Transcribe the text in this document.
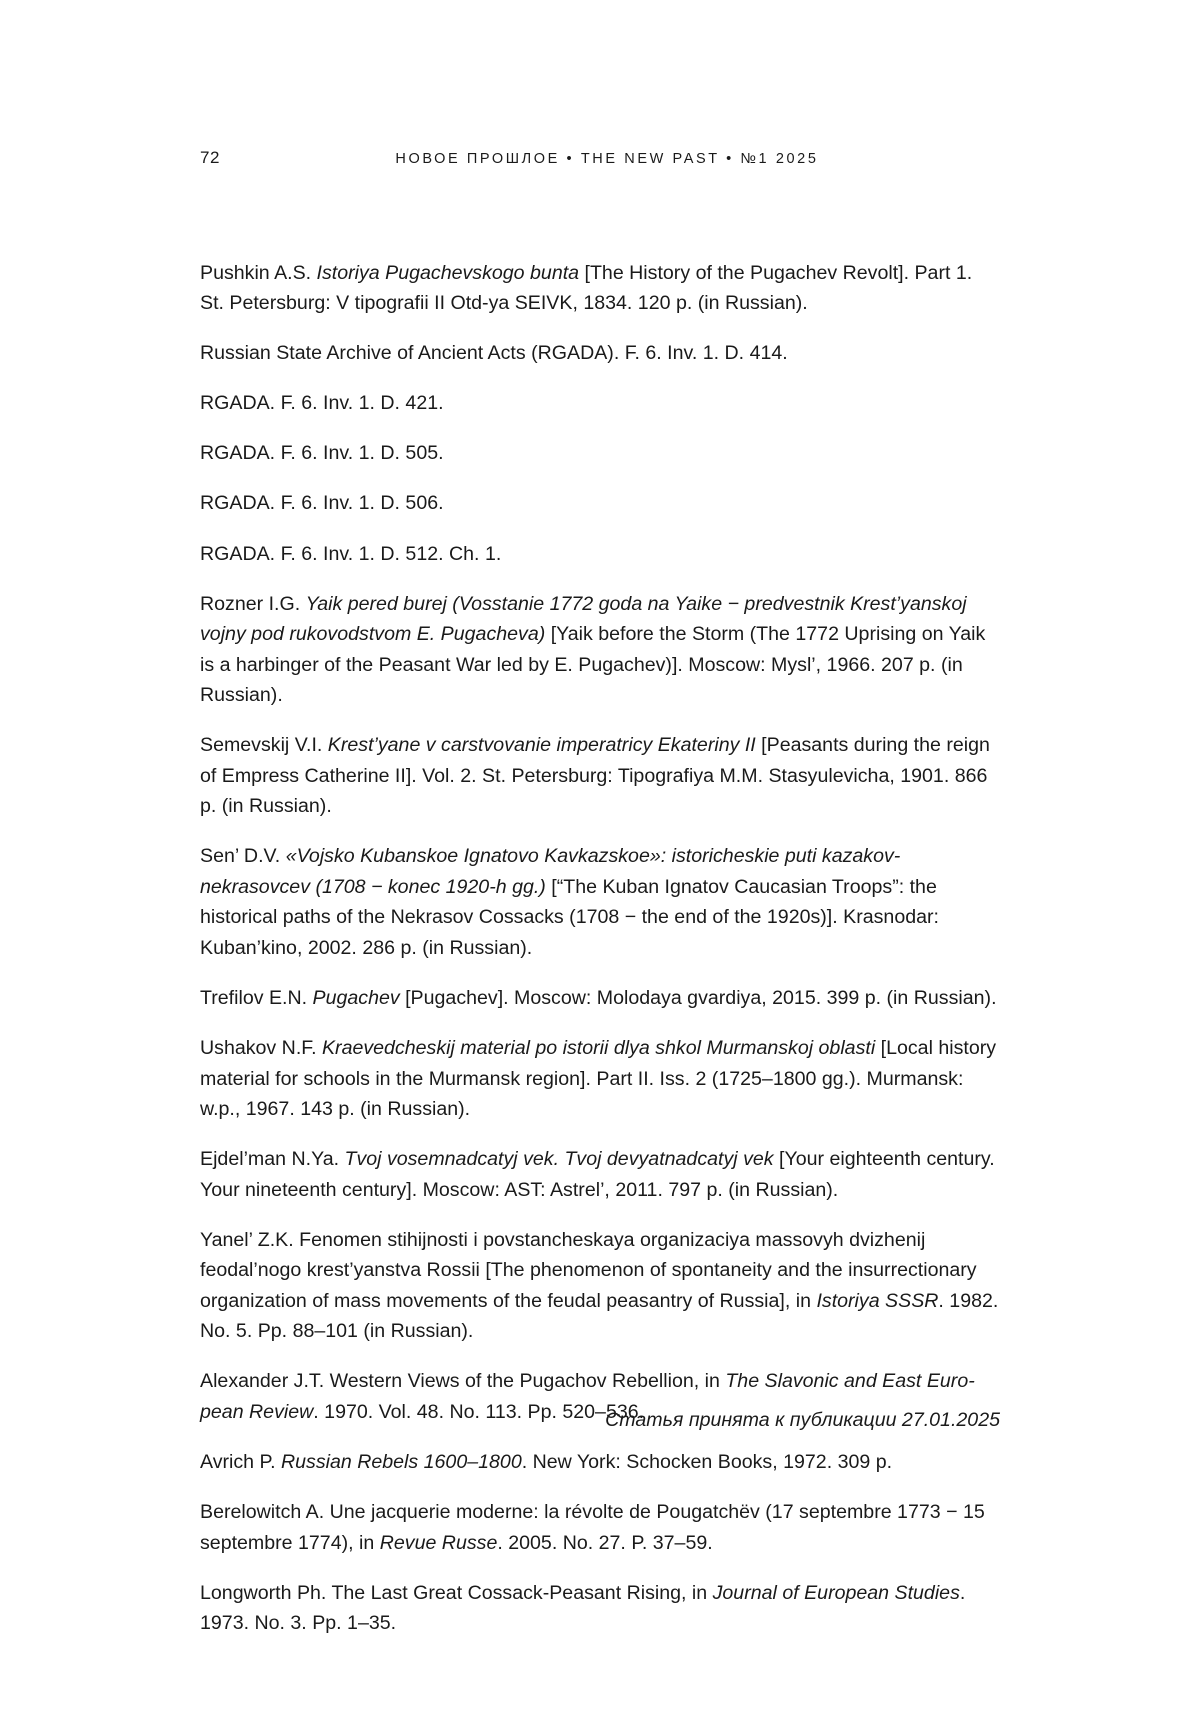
72	НОВОЕ ПРОШЛОЕ • THE NEW PAST • №1 2025

Pushkin A.S. Istoriya Pugachevskogo bunta [The History of the Pugachev Revolt]. Part 1. St. Petersburg: V tipografii II Otd-ya SEIVK, 1834. 120 p. (in Russian).

Russian State Archive of Ancient Acts (RGADA). F. 6. Inv. 1. D. 414.

RGADA. F. 6. Inv. 1. D. 421.

RGADA. F. 6. Inv. 1. D. 505.

RGADA. F. 6. Inv. 1. D. 506.

RGADA. F. 6. Inv. 1. D. 512. Ch. 1.

Rozner I.G. Yaik pered burej (Vosstanie 1772 goda na Yaike − predvestnik Krest’yanskoj vojny pod rukovodstvom E. Pugacheva) [Yaik before the Storm (The 1772 Uprising on Yaik is a harbinger of the Peasant War led by E. Pugachev)]. Moscow: Mysl’, 1966. 207 p. (in Russian).

Semevskij V.I. Krest’yane v carstvovanie imperatricy Ekateriny II [Peasants during the reign of Empress Catherine II]. Vol. 2. St. Petersburg: Tipografiya M.M. Stasyulevicha, 1901. 866 p. (in Russian).

Sen’ D.V. «Vojsko Kubanskoe Ignatovo Kavkazskoe»: istoricheskie puti kazakov-nekrasovcev (1708 − konec 1920-h gg.) [“The Kuban Ignatov Caucasian Troops”: the historical paths of the Nekrasov Cossacks (1708 − the end of the 1920s)]. Krasnodar: Kuban’kino, 2002. 286 p. (in Russian).

Trefilov E.N. Pugachev [Pugachev]. Moscow: Molodaya gvardiya, 2015. 399 p. (in Russian).

Ushakov N.F. Kraevedcheskij material po istorii dlya shkol Murmanskoj oblasti [Local history material for schools in the Murmansk region]. Part II. Iss. 2 (1725–1800 gg.). Murmansk: w.p., 1967. 143 p. (in Russian).

Ejdel’man N.Ya. Tvoj vosemnadcatyj vek. Tvoj devyatnadcatyj vek [Your eighteenth century. Your nineteenth century]. Moscow: AST: Astrel’, 2011. 797 p. (in Russian).

Yanel’ Z.K. Fenomen stihijnosti i povstancheskaya organizaciya massovyh dvizhenij feodal’nogo krest’yanstva Rossii [The phenomenon of spontaneity and the insurrectionary organization of mass movements of the feudal peasantry of Russia], in Istoriya SSSR. 1982. No. 5. Pp. 88–101 (in Russian).

Alexander J.T. Western Views of the Pugachov Rebellion, in The Slavonic and East European Review. 1970. Vol. 48. No. 113. Pp. 520–536.

Avrich P. Russian Rebels 1600–1800. New York: Schocken Books, 1972. 309 p.

Berelowitch A. Une jacquerie moderne: la révolte de Pougatchëv (17 septembre 1773 − 15 septembre 1774), in Revue Russe. 2005. No. 27. P. 37–59.

Longworth Ph. The Last Great Cossack-Peasant Rising, in Journal of European Studies. 1973. No. 3. Pp. 1–35.

Статья принята к публикации 27.01.2025
